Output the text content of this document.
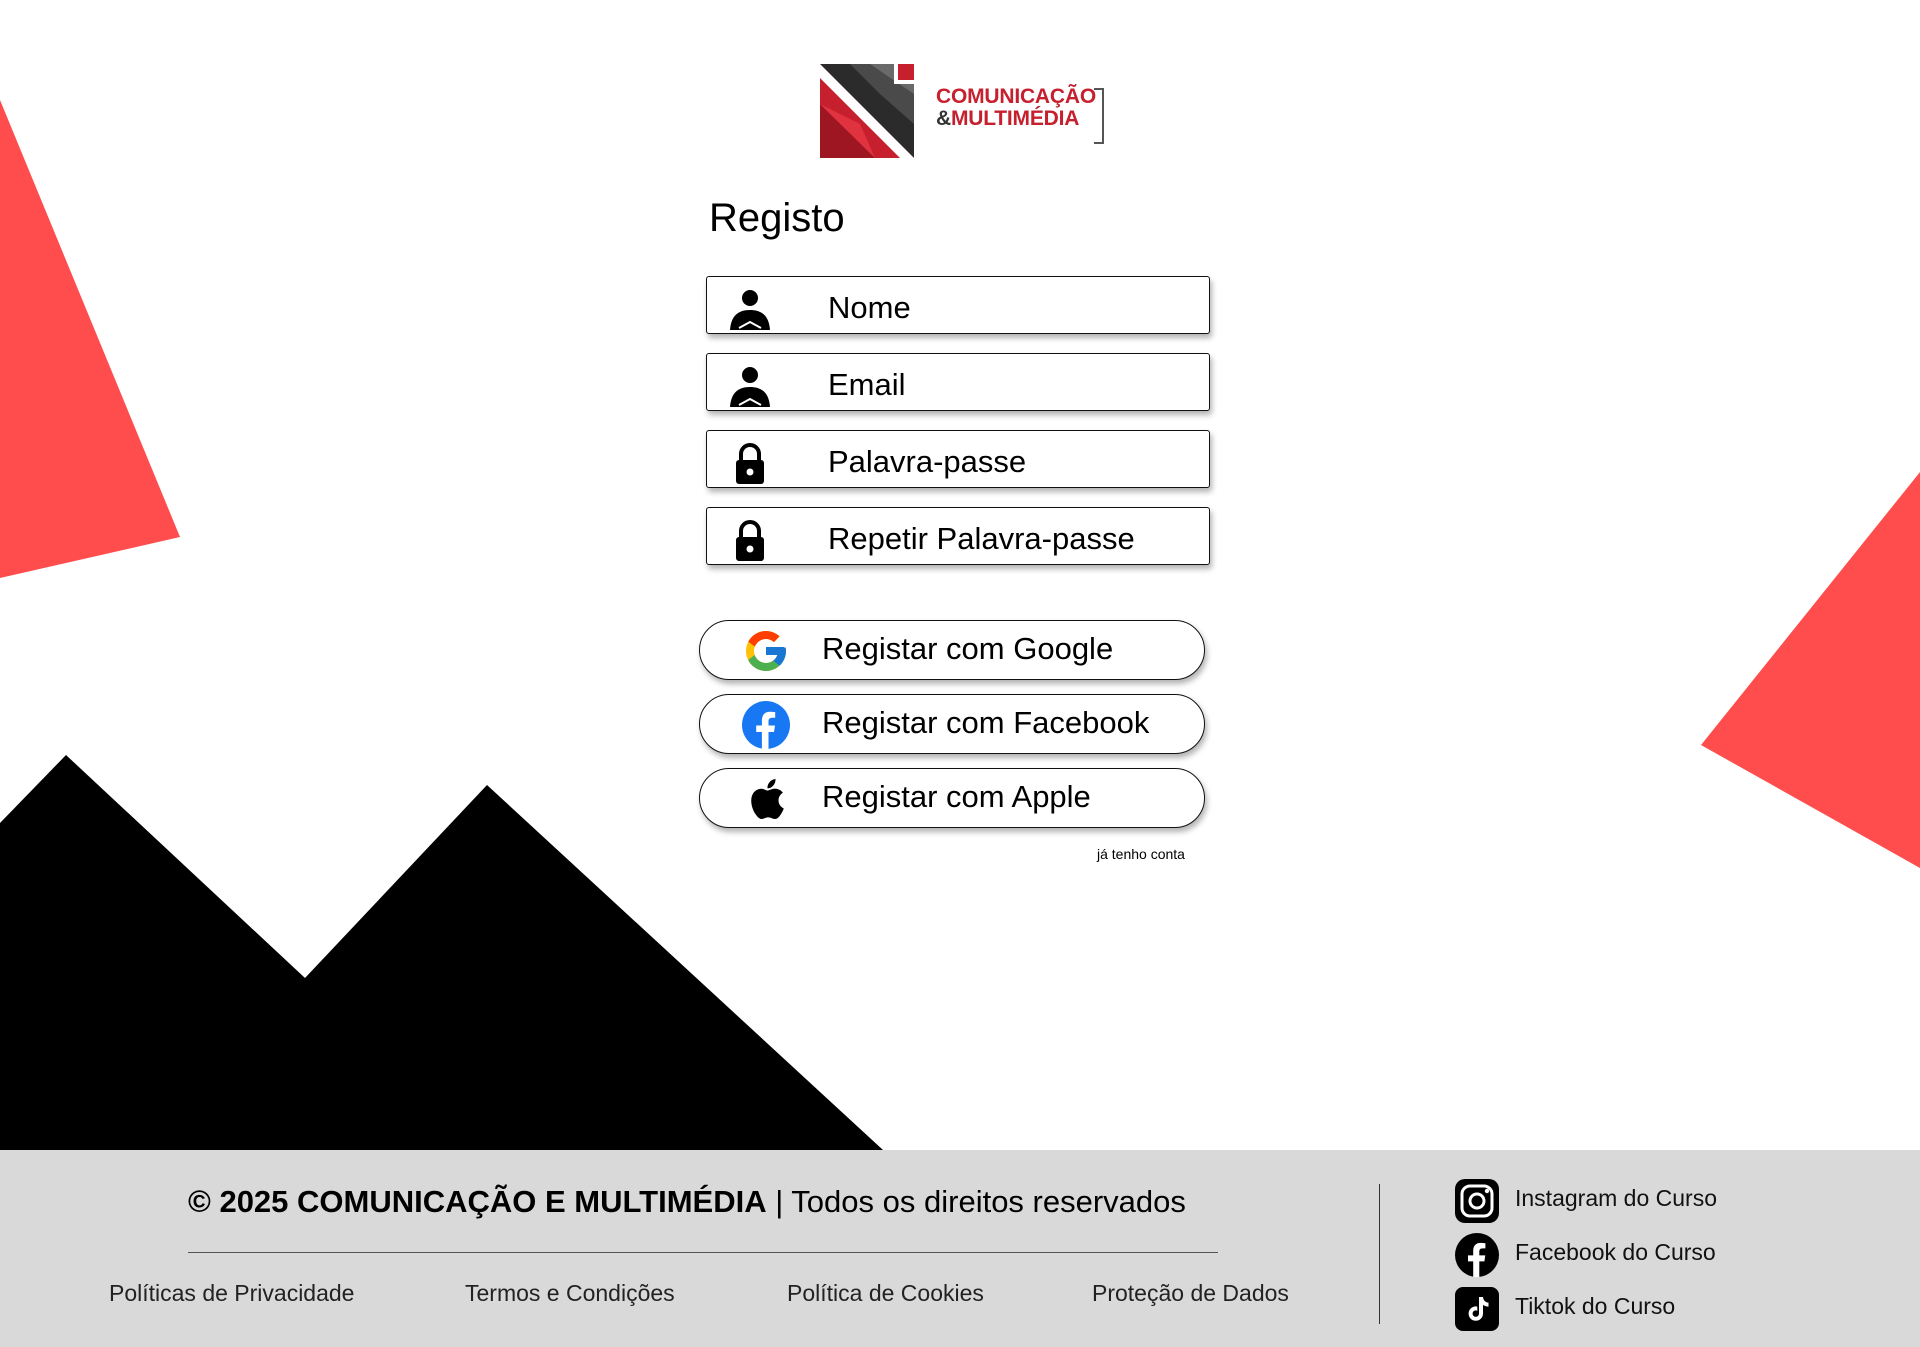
COMUNICAÇÃO
&MULTIMÉDIA
Registo
Nome
Email
Palavra-passe
Repetir Palavra-passe
Registar com Google
Registar com Facebook
Registar com Apple
já tenho conta
© 2025 COMUNICAÇÃO E MULTIMÉDIA | Todos os direitos reservados
Políticas de Privacidade	Termos e Condições	Política de Cookies	Proteção de Dados
Instagram do Curso
Facebook do Curso
Tiktok do Curso
